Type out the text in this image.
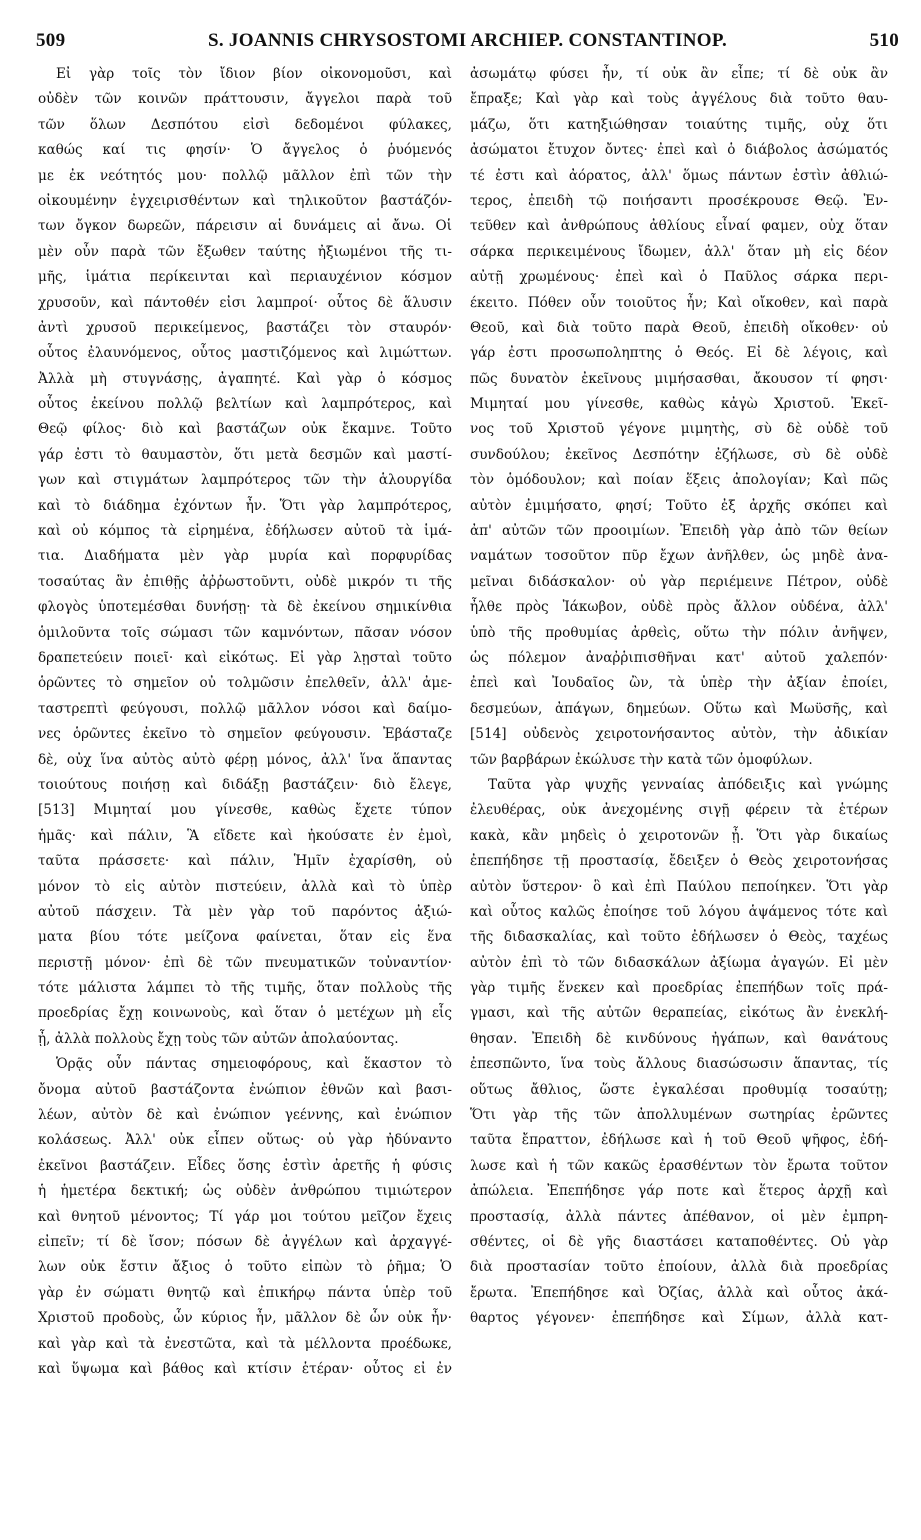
509	S. JOANNIS CHRYSOSTOMI ARCHIEP. CONSTANTINOP.	510
Εἰ γὰρ τοῖς τὸν ἴδιον βίον οἰκονομοῦσι, καὶ
οὐδὲν τῶν κοινῶν πράττουσιν, ἄγγελοι παρὰ τοῦ
τῶν ὅλων Δεσπότου εἰσὶ δεδομένοι φύλακες,
καθώς καί τις φησίν· Ὁ ἄγγελος ὁ ῥυόμενός
με ἐκ νεότητός μου· πολλῷ μᾶλλον ἐπὶ τῶν τὴν
οἰκουμένην ἐγχειρισθέντων καὶ τηλικοῦτον βαστάζόν-
των ὄγκον δωρεῶν, πάρεισιν αἱ δυνάμεις αἱ ἄνω. Οἱ
μὲν οὖν παρὰ τῶν ἔξωθεν ταύτης ἠξιωμένοι τῆς τι-
μῆς, ἱμάτια περίκεινται καὶ περιαυχένιον κόσμον
χρυσοῦν, καὶ πάντοθέν εἰσι λαμπροί· οὗτος δὲ ἅλυσιν
ἀντὶ χρυσοῦ περικείμενος, βαστάζει τὸν σταυρόν·
οὗτος ἐλαυνόμενος, οὗτος μαστιζόμενος καὶ λιμώττων.
Ἀλλὰ μὴ στυγνάσῃς, ἀγαπητέ. Καὶ γὰρ ὁ κόσμος
οὗτος ἐκείνου πολλῷ βελτίων καὶ λαμπρότερος, καὶ
Θεῷ φίλος· διὸ καὶ βαστάζων οὐκ ἔκαμνε. Τοῦτο
γάρ ἐστι τὸ θαυμαστὸν, ὅτι μετὰ δεσμῶν καὶ μαστί-
γων καὶ στιγμάτων λαμπρότερος τῶν τὴν ἁλουργίδα
καὶ τὸ διάδημα ἐχόντων ἦν. Ὅτι γὰρ λαμπρότερος,
καὶ οὐ κόμπος τὰ εἰρημένα, ἐδήλωσεν αὐτοῦ τὰ ἱμά-
τια. Διαδήματα μὲν γὰρ μυρία καὶ πορφυρίδας
τοσαύτας ἂν ἐπιθῇς ἀῤῥωστοῦντι, οὐδὲ μικρόν τι τῆς
φλογὸς ὑποτεμέσθαι δυνήσῃ· τὰ δὲ ἐκείνου σημικίνθια
ὁμιλοῦντα τοῖς σώμασι τῶν καμνόντων, πᾶσαν νόσον
δραπετεύειν ποιεῖ· καὶ εἰκότως. Εἰ γὰρ λῃσταὶ τοῦτο
ὁρῶντες τὸ σημεῖον οὐ τολμῶσιν ἐπελθεῖν, ἀλλ' ἀμε-
ταστρεπτὶ φεύγουσι, πολλῷ μᾶλλον νόσοι καὶ δαίμο-
νες ὁρῶντες ἐκεῖνο τὸ σημεῖον φεύγουσιν. Ἐβάσταζε
δὲ, οὐχ ἵνα αὐτὸς αὐτὸ φέρῃ μόνος, ἀλλ' ἵνα ἅπαντας
τοιούτους ποιήσῃ καὶ διδάξῃ βαστάζειν· διὸ ἔλεγε,
[513] Μιμηταί μου γίνεσθε, καθὼς ἔχετε τύπον
ἡμᾶς· καὶ πάλιν, Ἃ εἴδετε καὶ ἠκούσατε ἐν ἐμοὶ,
ταῦτα πράσσετε· καὶ πάλιν, Ἡμῖν ἐχαρίσθη, οὐ
μόνον τὸ εἰς αὐτὸν πιστεύειν, ἀλλὰ καὶ τὸ ὑπὲρ
αὐτοῦ πάσχειν. Τὰ μὲν γὰρ τοῦ παρόντος ἀξιώ-
ματα βίου τότε μείζονα φαίνεται, ὅταν εἰς ἕνα
περιστῇ μόνον· ἐπὶ δὲ τῶν πνευματικῶν τοὐναντίον·
τότε μάλιστα λάμπει τὸ τῆς τιμῆς, ὅταν πολλοὺς τῆς
προεδρίας ἔχῃ κοινωνοὺς, καὶ ὅταν ὁ μετέχων μὴ εἷς
ᾖ, ἀλλὰ πολλοὺς ἔχῃ τοὺς τῶν αὐτῶν ἀπολαύοντας.
Ὁρᾷς οὖν πάντας σημειοφόρους, καὶ ἕκαστον τὸ
ὄνομα αὐτοῦ βαστάζοντα ἐνώπιον ἐθνῶν καὶ βασι-
λέων, αὐτὸν δὲ καὶ ἐνώπιον γεέννης, καὶ ἐνώπιον
κολάσεως. Ἀλλ' οὐκ εἶπεν οὕτως· οὐ γὰρ ἠδύναντο
ἐκεῖνοι βαστάζειν. Εἶδες ὅσης ἐστὶν ἀρετῆς ἡ φύσις
ἡ ἡμετέρα δεκτική; ὡς οὐδὲν ἀνθρώπου τιμιώτερον
καὶ θνητοῦ μένοντος; Τί γάρ μοι τούτου μεῖζον ἔχεις
εἰπεῖν; τί δὲ ἴσον; πόσων δὲ ἀγγέλων καὶ ἀρχαγγέ-
λων οὐκ ἔστιν ἄξιος ὁ τοῦτο εἰπὼν τὸ ῥῆμα; Ὁ
γὰρ ἐν σώματι θνητῷ καὶ ἐπικήρῳ πάντα ὑπὲρ τοῦ
Χριστοῦ προδοὺς, ὧν κύριος ἦν, μᾶλλον δὲ ὧν οὐκ ἦν·
καὶ γὰρ καὶ τὰ ἐνεστῶτα, καὶ τὰ μέλλοντα προέδωκε,
καὶ ὕψωμα καὶ βάθος καὶ κτίσιν ἑτέραν· οὗτος εἰ ἐν
ἀσωμάτῳ φύσει ἦν, τί οὐκ ἂν εἶπε; τί δὲ οὐκ ἂν
ἔπραξε; Καὶ γὰρ καὶ τοὺς ἀγγέλους διὰ τοῦτο θαυ-
μάζω, ὅτι κατηξιώθησαν τοιαύτης τιμῆς, οὐχ ὅτι
ἀσώματοι ἔτυχον ὄντες· ἐπεὶ καὶ ὁ διάβολος ἀσώματός
τέ ἐστι καὶ ἀόρατος, ἀλλ' ὅμως πάντων ἐστὶν ἀθλιώ-
τερος, ἐπειδὴ τῷ ποιήσαντι προσέκρουσε Θεῷ. Ἐν-
τεῦθεν καὶ ἀνθρώπους ἀθλίους εἶναί φαμεν, οὐχ ὅταν
σάρκα περικειμένους ἴδωμεν, ἀλλ' ὅταν μὴ εἰς δέον
αὐτῇ χρωμένους· ἐπεὶ καὶ ὁ Παῦλος σάρκα περι-
έκειτο. Πόθεν οὖν τοιοῦτος ἦν; Καὶ οἴκοθεν, καὶ παρὰ
Θεοῦ, καὶ διὰ τοῦτο παρὰ Θεοῦ, ἐπειδὴ οἴκοθεν· οὐ
γάρ ἐστι προσωποληπτης ὁ Θεός. Εἰ δὲ λέγοις, καὶ
πῶς δυνατὸν ἐκεῖνους μιμήσασθαι, ἄκουσον τί φησι·
Μιμηταί μου γίνεσθε, καθὼς κἀγὼ Χριστοῦ. Ἐκεῖ-
νος τοῦ Χριστοῦ γέγονε μιμητὴς, σὺ δὲ οὐδὲ τοῦ
συνδούλου; ἐκεῖνος Δεσπότην ἐζήλωσε, σὺ δὲ οὐδὲ
τὸν ὁμόδουλον; καὶ ποίαν ἕξεις ἀπολογίαν; Καὶ πῶς
αὐτὸν ἐμιμήσατο, φησί; Τοῦτο ἐξ ἀρχῆς σκόπει καὶ
ἀπ' αὐτῶν τῶν προοιμίων. Ἐπειδὴ γὰρ ἀπὸ τῶν θείων
ναμάτων τοσοῦτον πῦρ ἔχων ἀνῆλθεν, ὡς μηδὲ ἀνα-
μεῖναι διδάσκαλον· οὐ γὰρ περιέμεινε Πέτρον, οὐδὲ
ἦλθε πρὸς Ἰάκωβον, οὐδὲ πρὸς ἄλλον οὐδένα, ἀλλ'
ὑπὸ τῆς προθυμίας ἀρθεὶς, οὕτω τὴν πόλιν ἀνῆψεν,
ὡς πόλεμον ἀναῤῥιπισθῆναι κατ' αὐτοῦ χαλεπόν·
ἐπεὶ καὶ Ἰουδαῖος ὢν, τὰ ὑπὲρ τὴν ἀξίαν ἐποίει,
δεσμεύων, ἀπάγων, δημεύων. Οὕτω καὶ Μωϋσῆς, καὶ
[514] οὐδενὸς χειροτονήσαντος αὐτὸν, τὴν ἀδικίαν
τῶν βαρβάρων ἐκώλυσε τὴν κατὰ τῶν ὁμοφύλων.
Ταῦτα γὰρ ψυχῆς γενναίας ἀπόδειξις καὶ γνώμης
ἐλευθέρας, οὐκ ἀνεχομένης σιγῇ φέρειν τὰ ἑτέρων
κακὰ, κἂν μηδεὶς ὁ χειροτονῶν ᾖ. Ὅτι γὰρ δικαίως
ἐπεπήδησε τῇ προστασίᾳ, ἔδειξεν ὁ Θεὸς χειροτονήσας
αὐτὸν ὕστερον· ὃ καὶ ἐπὶ Παύλου πεποίηκεν. Ὅτι γὰρ
καὶ οὗτος καλῶς ἐποίησε τοῦ λόγου ἁψάμενος τότε καὶ
τῆς διδασκαλίας, καὶ τοῦτο ἐδήλωσεν ὁ Θεὸς, ταχέως
αὐτὸν ἐπὶ τὸ τῶν διδασκάλων ἀξίωμα ἀγαγών. Εἰ μὲν
γὰρ τιμῆς ἕνεκεν καὶ προεδρίας ἐπεπήδων τοῖς πρά-
γμασι, καὶ τῆς αὐτῶν θεραπείας, εἰκότως ἂν ἐνεκλή-
θησαν. Ἐπειδὴ δὲ κινδύνους ἠγάπων, καὶ θανάτους
ἐπεσπῶντο, ἵνα τοὺς ἄλλους διασώσωσιν ἅπαντας, τίς
οὕτως ἄθλιος, ὥστε ἐγκαλέσαι προθυμίᾳ τοσαύτῃ;
Ὅτι γὰρ τῆς τῶν ἀπολλυμένων σωτηρίας ἐρῶντες
ταῦτα ἔπραττον, ἐδήλωσε καὶ ἡ τοῦ Θεοῦ ψῆφος, ἐδή-
λωσε καὶ ἡ τῶν κακῶς ἐρασθέντων τὸν ἔρωτα τοῦτον
ἀπώλεια. Ἐπεπήδησε γάρ ποτε καὶ ἕτερος ἀρχῇ καὶ
προστασίᾳ, ἀλλὰ πάντες ἀπέθανον, οἱ μὲν ἐμπρη-
σθέντες, οἱ δὲ γῆς διαστάσει καταποθέντες. Οὐ γὰρ
διὰ προστασίαν τοῦτο ἐποίουν, ἀλλὰ διὰ προεδρίας
ἔρωτα. Ἐπεπήδησε καὶ Ὀζίας, ἀλλὰ καὶ οὗτος ἀκά-
θαρτος γέγονεν· ἐπεπήδησε καὶ Σίμων, ἀλλὰ κατ-
